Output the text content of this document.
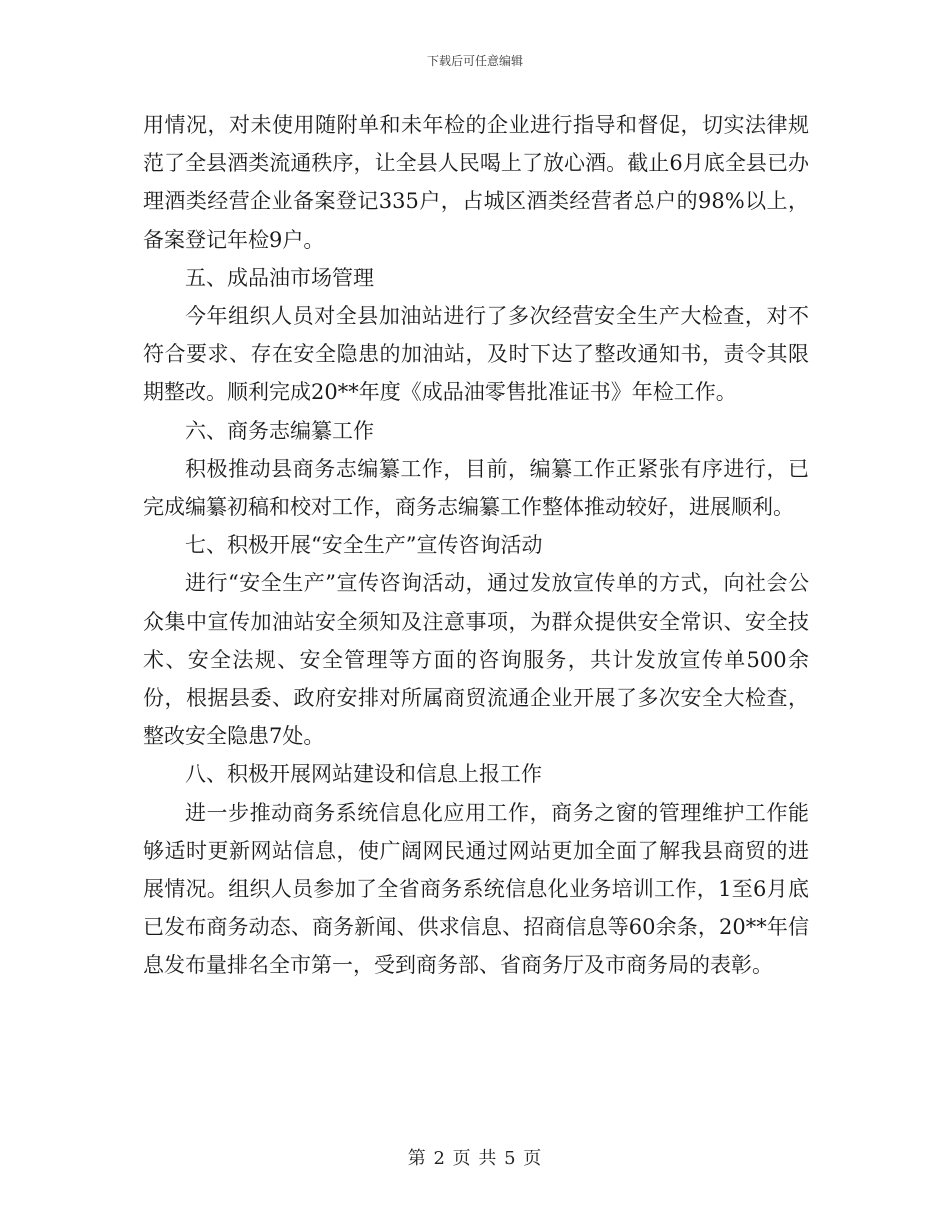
下载后可任意编辑

用情况，对未使用随附单和未年检的企业进行指导和督促，切实法律规范了全县酒类流通秩序，让全县人民喝上了放心酒。截止6月底全县已办理酒类经营企业备案登记335户，占城区酒类经营者总户的98%以上，备案登记年检9户。

五、成品油市场管理

今年组织人员对全县加油站进行了多次经营安全生产大检查，对不符合要求、存在安全隐患的加油站，及时下达了整改通知书，责令其限期整改。顺利完成20**年度《成品油零售批准证书》年检工作。

六、商务志编纂工作

积极推动县商务志编纂工作，目前，编纂工作正紧张有序进行，已完成编纂初稿和校对工作，商务志编纂工作整体推动较好，进展顺利。

七、积极开展“安全生产”宣传咨询活动

进行“安全生产”宣传咨询活动，通过发放宣传单的方式，向社会公众集中宣传加油站安全须知及注意事项，为群众提供安全常识、安全技术、安全法规、安全管理等方面的咨询服务，共计发放宣传单500余份，根据县委、政府安排对所属商贸流通企业开展了多次安全大检查，整改安全隐患7处。

八、积极开展网站建设和信息上报工作

进一步推动商务系统信息化应用工作，商务之窗的管理维护工作能够适时更新网站信息，使广阔网民通过网站更加全面了解我县商贸的进展情况。组织人员参加了全省商务系统信息化业务培训工作，1至6月底已发布商务动态、商务新闻、供求信息、招商信息等60余条，20**年信息发布量排名全市第一，受到商务部、省商务厅及市商务局的表彰。

第 2 页 共 5 页
